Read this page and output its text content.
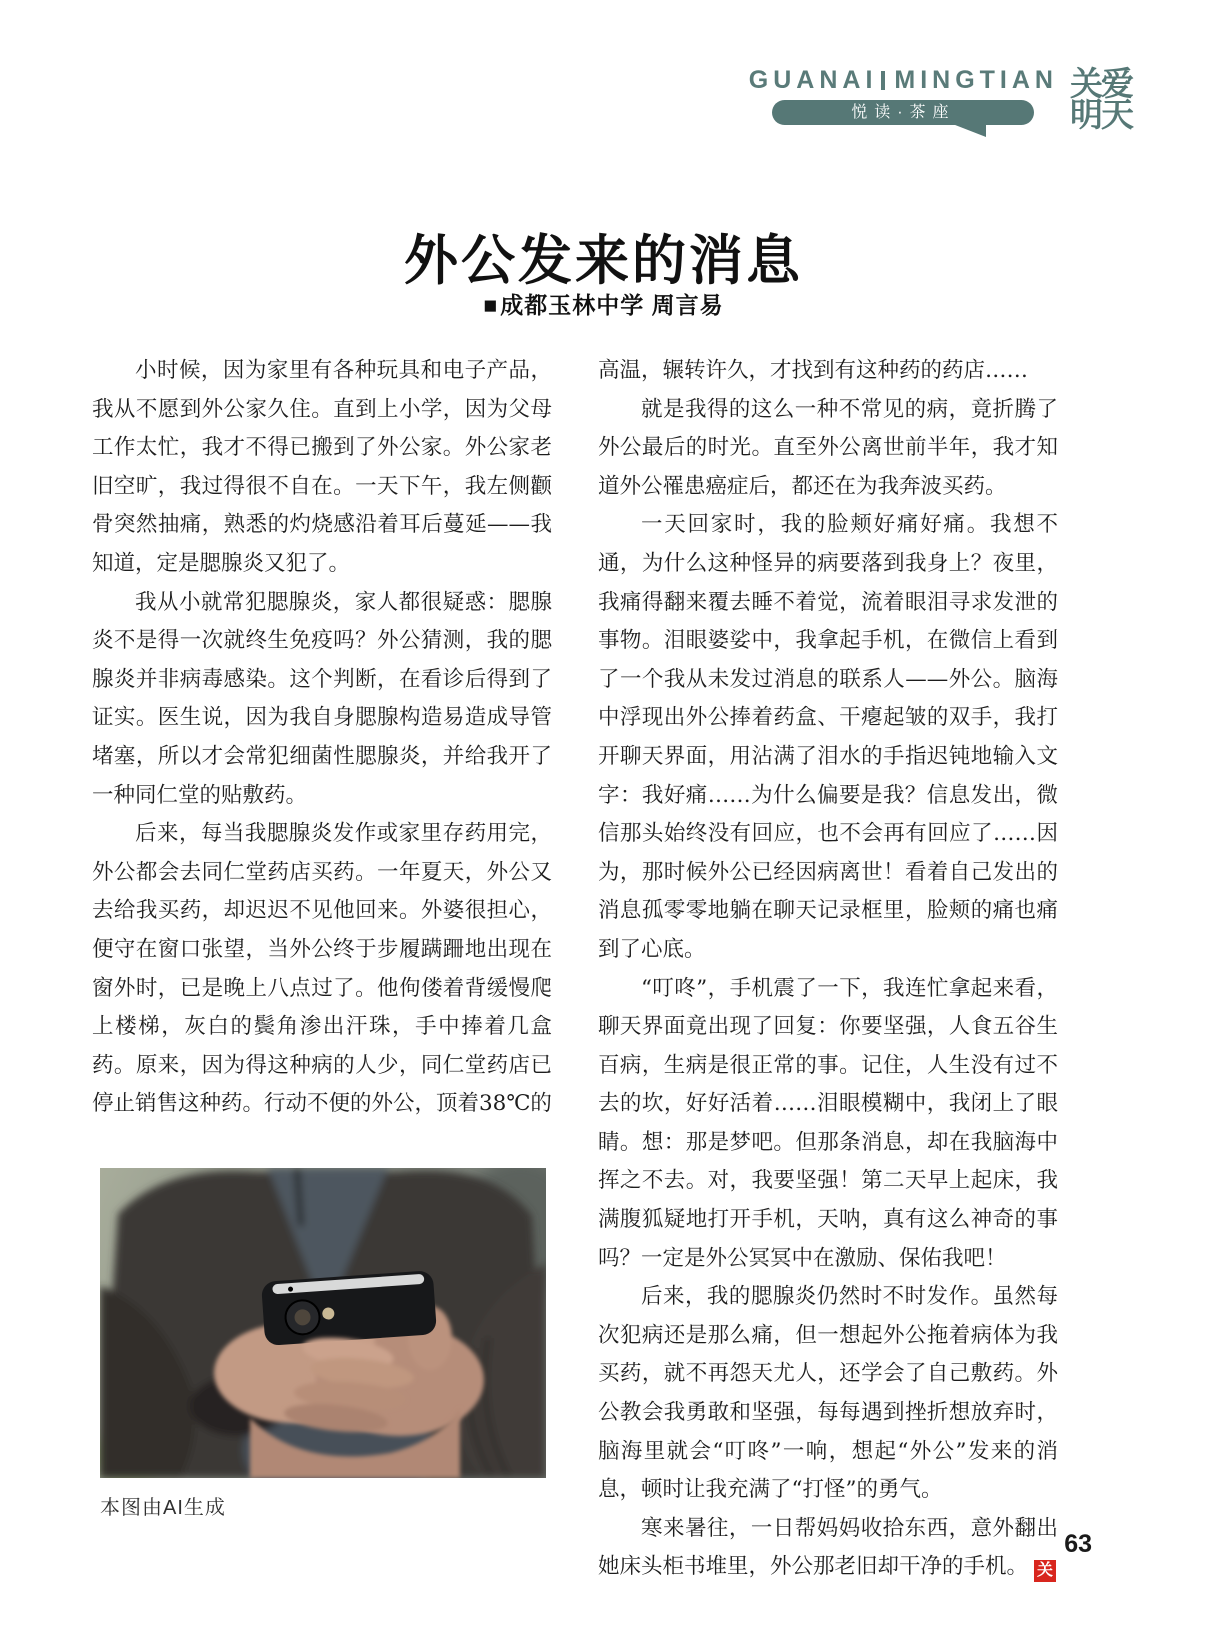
GUANAI MINGTIAN
悦读·茶座
关爱
明天
外公发来的消息
■成都玉林中学 周言易

小时候，因为家里有各种玩具和电子产品，我从不愿到外公家久住。直到上小学，因为父母工作太忙，我才不得已搬到了外公家。外公家老旧空旷，我过得很不自在。一天下午，我左侧颧骨突然抽痛，熟悉的灼烧感沿着耳后蔓延——我知道，定是腮腺炎又犯了。

我从小就常犯腮腺炎，家人都很疑惑：腮腺炎不是得一次就终生免疫吗？外公猜测，我的腮腺炎并非病毒感染。这个判断，在看诊后得到了证实。医生说，因为我自身腮腺构造易造成导管堵塞，所以才会常犯细菌性腮腺炎，并给我开了一种同仁堂的贴敷药。

后来，每当我腮腺炎发作或家里存药用完，外公都会去同仁堂药店买药。一年夏天，外公又去给我买药，却迟迟不见他回来。外婆很担心，便守在窗口张望，当外公终于步履蹒跚地出现在窗外时，已是晚上八点过了。他佝偻着背缓慢爬上楼梯，灰白的鬓角渗出汗珠，手中捧着几盒药。原来，因为得这种病的人少，同仁堂药店已停止销售这种药。行动不便的外公，顶着38℃的

高温，辗转许久，才找到有这种药的药店……

就是我得的这么一种不常见的病，竟折腾了外公最后的时光。直至外公离世前半年，我才知道外公罹患癌症后，都还在为我奔波买药。

一天回家时，我的脸颊好痛好痛。我想不通，为什么这种怪异的病要落到我身上？夜里，我痛得翻来覆去睡不着觉，流着眼泪寻求发泄的事物。泪眼婆娑中，我拿起手机，在微信上看到了一个我从未发过消息的联系人——外公。脑海中浮现出外公捧着药盒、干瘪起皱的双手，我打开聊天界面，用沾满了泪水的手指迟钝地输入文字：我好痛……为什么偏要是我？信息发出，微信那头始终没有回应，也不会再有回应了……因为，那时候外公已经因病离世！看着自己发出的消息孤零零地躺在聊天记录框里，脸颊的痛也痛到了心底。

“叮咚”，手机震了一下，我连忙拿起来看，聊天界面竟出现了回复：你要坚强，人食五谷生百病，生病是很正常的事。记住，人生没有过不去的坎，好好活着……泪眼模糊中，我闭上了眼睛。想：那是梦吧。但那条消息，却在我脑海中挥之不去。对，我要坚强！第二天早上起床，我满腹狐疑地打开手机，天呐，真有这么神奇的事吗？一定是外公冥冥中在激励、保佑我吧！

后来，我的腮腺炎仍然时不时发作。虽然每次犯病还是那么痛，但一想起外公拖着病体为我买药，就不再怨天尤人，还学会了自己敷药。外公教会我勇敢和坚强，每每遇到挫折想放弃时，脑海里就会“叮咚”一响，想起“外公”发来的消息，顿时让我充满了“打怪”的勇气。

寒来暑往，一日帮妈妈收拾东西，意外翻出她床头柜书堆里，外公那老旧却干净的手机。 关

本图由AI生成
63
